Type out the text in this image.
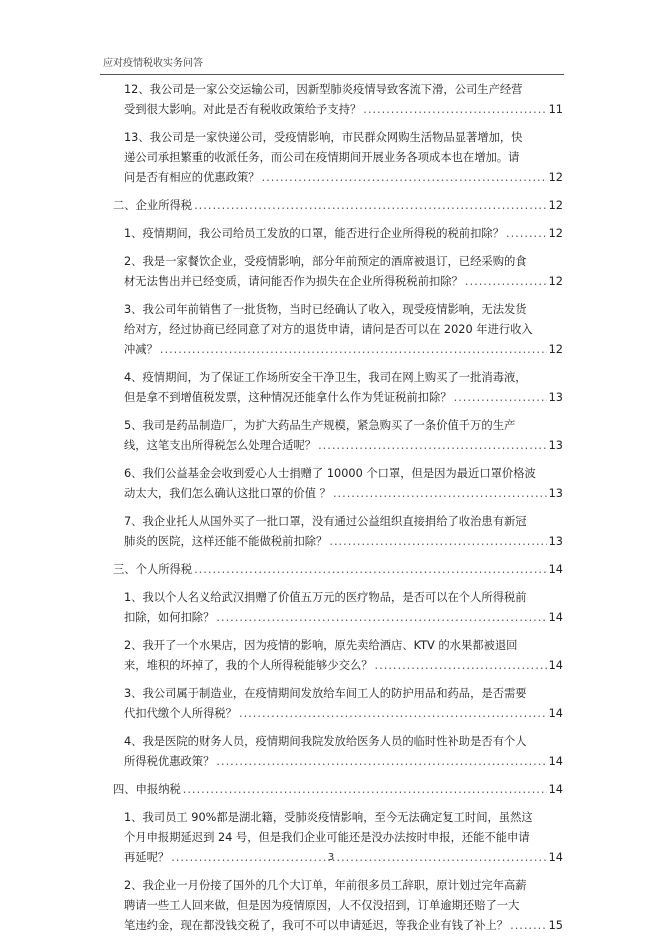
应对疫情税收实务问答
12、我公司是一家公交运输公司，因新型肺炎疫情导致客流下滑，公司生产经营
受到很大影响。对此是否有税收政策给予支持？ .....	11
13、我公司是一家快递公司，受疫情影响，市民群众网购生活物品显著增加，快
递公司承担繁重的收派任务，而公司在疫情期间开展业务各项成本也在增加。请
问是否有相应的优惠政策？ .....	12
二、企业所得税 .....	12
1、疫情期间，我公司给员工发放的口罩，能否进行企业所得税的税前扣除？ .....	12
2、我是一家餐饮企业，受疫情影响，部分年前预定的酒席被退订，已经采购的食
材无法售出并已经变质，请问能否作为损失在企业所得税税前扣除？ .....	12
3、我公司年前销售了一批货物，当时已经确认了收入，现受疫情影响，无法发货
给对方，经过协商已经同意了对方的退货申请，请问是否可以在 2020 年进行收入
冲减？ .....	12
4、疫情期间，为了保证工作场所安全干净卫生，我司在网上购买了一批消毒液，
但是拿不到增值税发票，这种情况还能拿什么作为凭证税前扣除？ .....	13
5、我司是药品制造厂，为扩大药品生产规模，紧急购买了一条价值千万的生产
线，这笔支出所得税怎么处理合适呢？ .....	13
6、我们公益基金会收到爱心人士捐赠了 10000 个口罩，但是因为最近口罩价格波
动太大，我们怎么确认这批口罩的价值 ？ .....	13
7、我企业托人从国外买了一批口罩，没有通过公益组织直接捐给了收治患有新冠
肺炎的医院，这样还能不能做税前扣除？ .....	13
三、个人所得税 .....	14
1、我以个人名义给武汉捐赠了价值五万元的医疗物品，是否可以在个人所得税前
扣除，如何扣除？ .....	14
2、我开了一个水果店，因为疫情的影响，原先卖给酒店、KTV 的水果都被退回
来，堆积的坏掉了，我的个人所得税能够少交么？ .....	14
3、我公司属于制造业，在疫情期间发放给车间工人的防护用品和药品，是否需要
代扣代缴个人所得税？ .....	14
4、我是医院的财务人员，疫情期间我院发放给医务人员的临时性补助是否有个人
所得税优惠政策？ .....	14
四、申报纳税 .....	14
1、我司员工 90%都是湖北籍，受肺炎疫情影响，至今无法确定复工时间，虽然这
个月申报期延迟到 24 号，但是我们企业可能还是没办法按时申报，还能不能申请
再延呢？ .....	14
2、我企业一月份接了国外的几个大订单，年前很多员工辞职，原计划过完年高薪
聘请一些工人回来做，但是因为疫情原因，人不仅没招到，订单逾期还赔了一大
笔违约金，现在都没钱交税了，我可不可以申请延迟，等我企业有钱了补上？ .....	15
3
